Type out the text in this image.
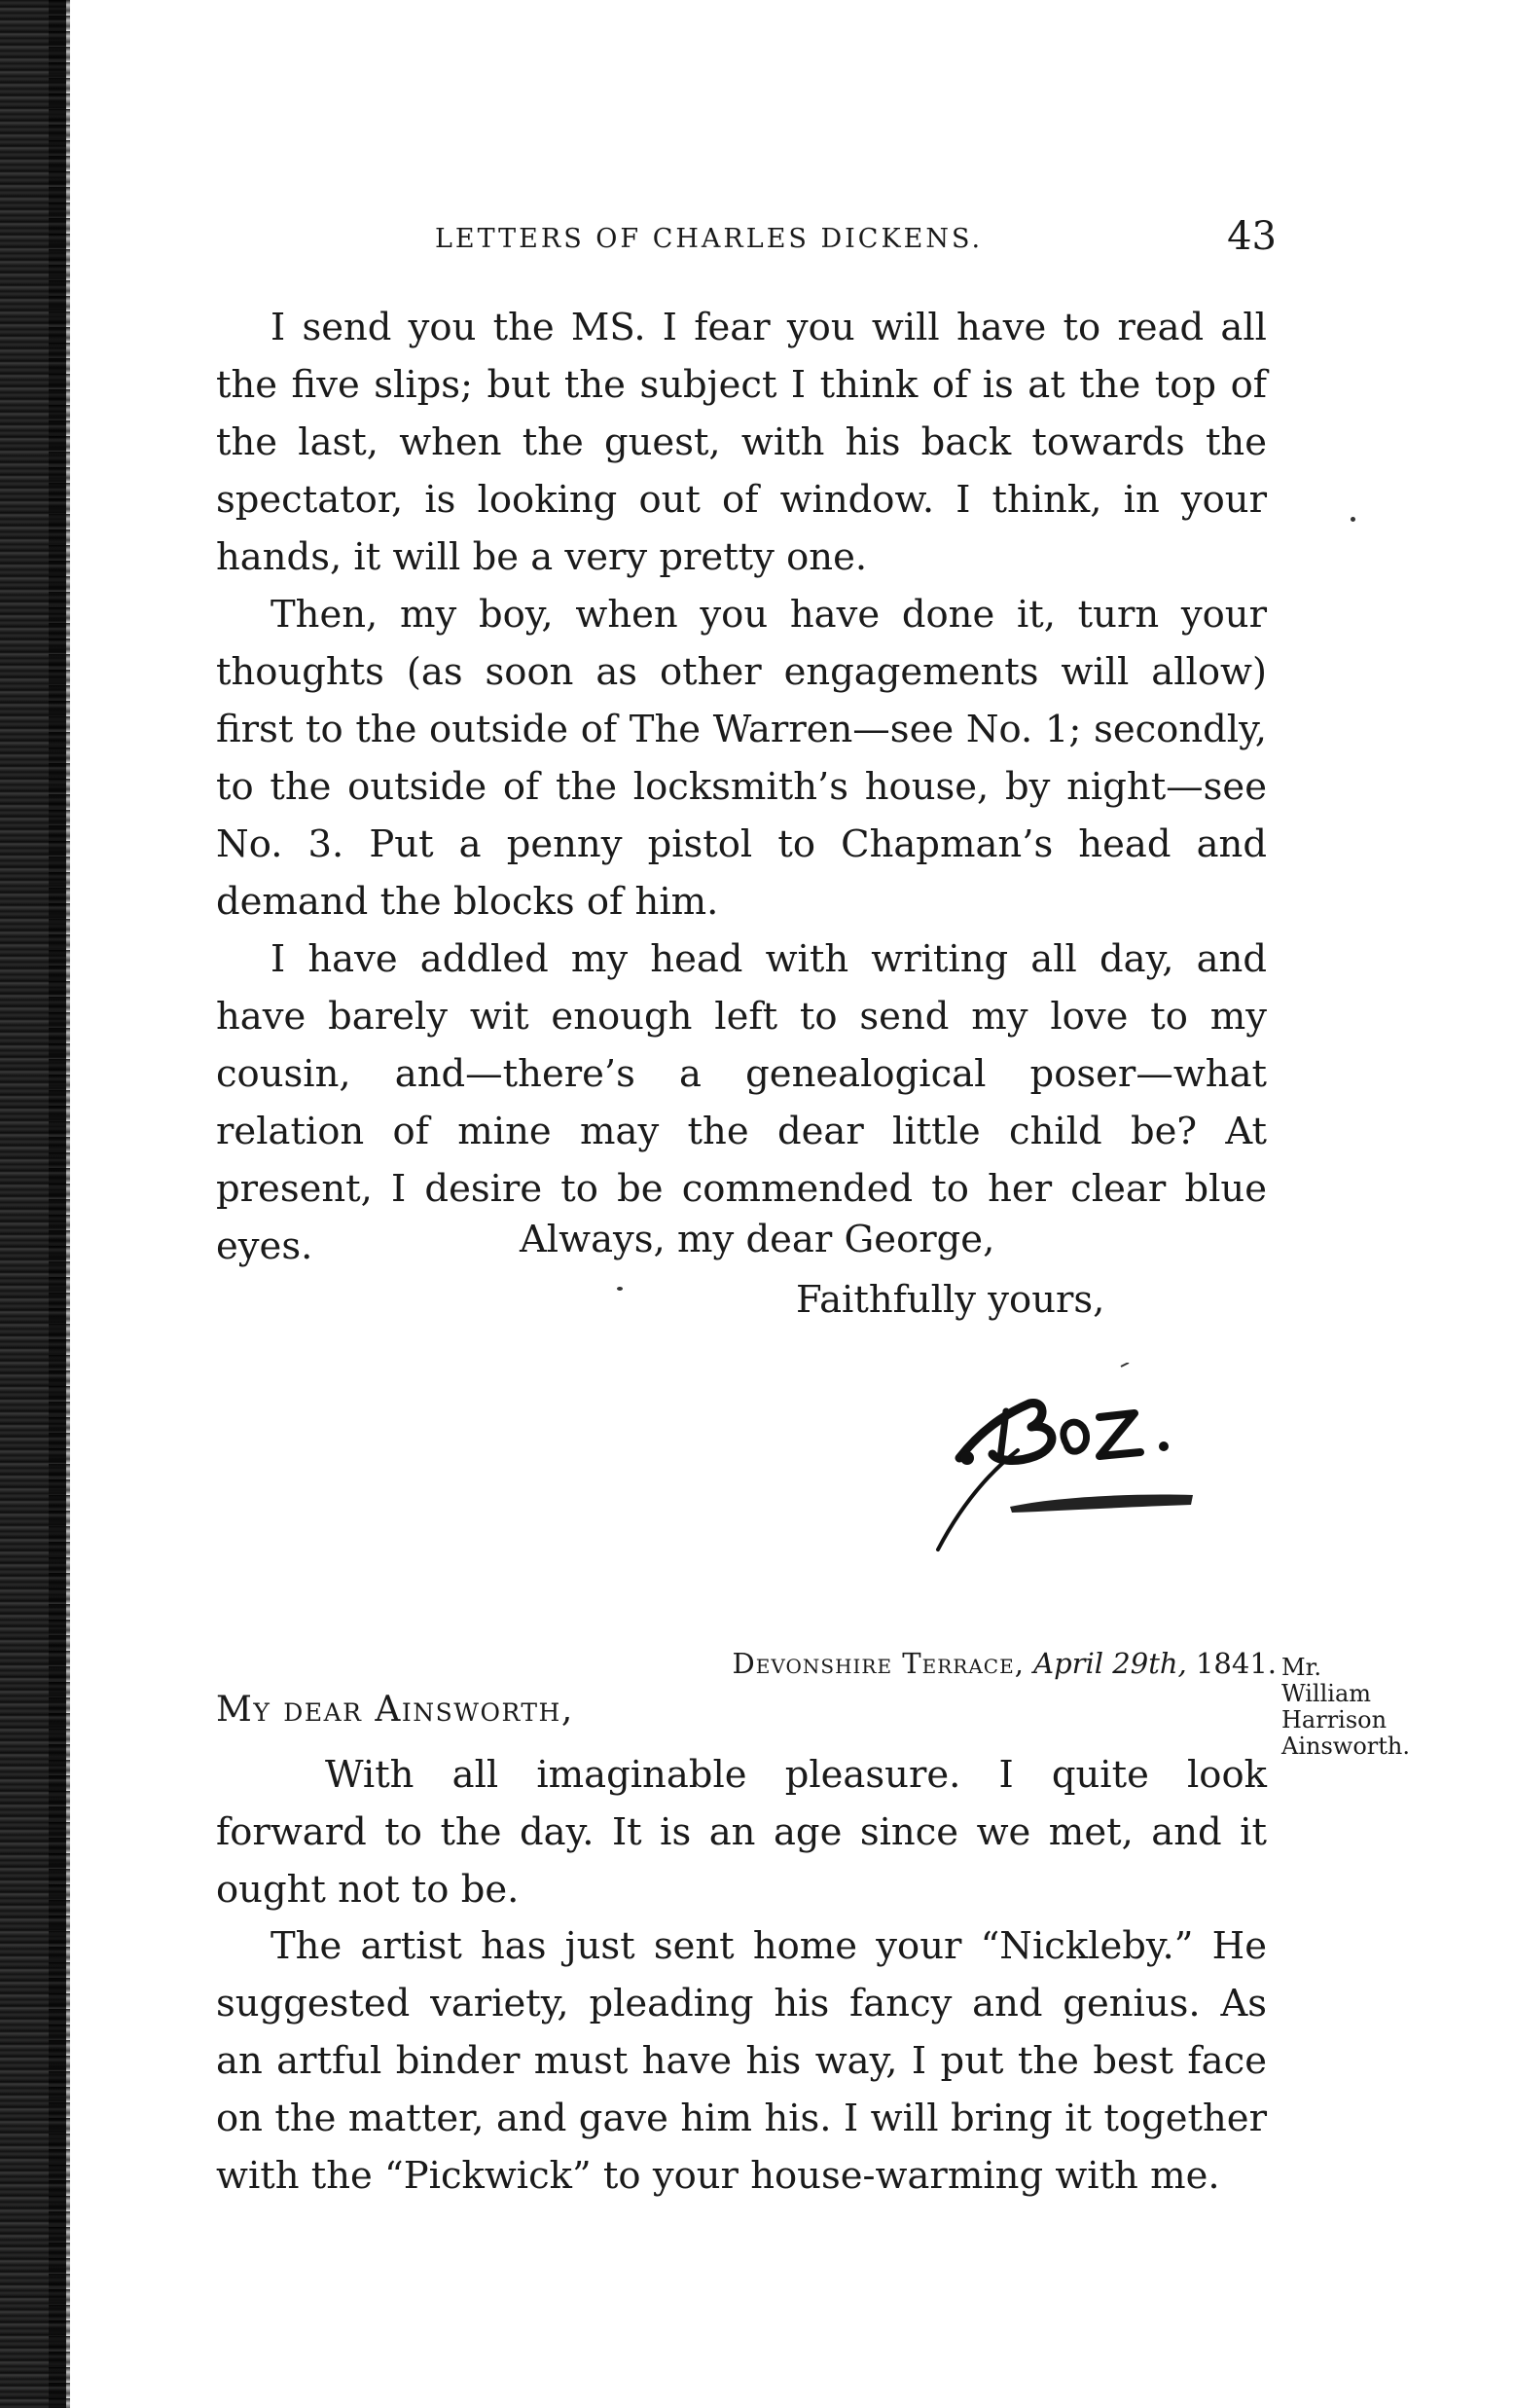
LETTERS OF CHARLES DICKENS.	43

I send you the MS. I fear you will have to read all the five slips; but the subject I think of is at the top of the last, when the guest, with his back towards the spectator, is looking out of window. I think, in your hands, it will be a very pretty one.

Then, my boy, when you have done it, turn your thoughts (as soon as other engagements will allow) first to the outside of The Warren—see No. 1; secondly, to the outside of the locksmith’s house, by night—see No. 3. Put a penny pistol to Chapman’s head and demand the blocks of him.

I have addled my head with writing all day, and have barely wit enough left to send my love to my cousin, and—there’s a genealogical poser—what relation of mine may the dear little child be? At present, I desire to be commended to her clear blue eyes.	Always, my dear George,
Faithfully yours,
Devonshire Terrace, April 29th, 1841.
My dear Ainsworth,

With all imaginable pleasure. I quite look forward to the day. It is an age since we met, and it ought not to be.

The artist has just sent home your “Nickleby.” He suggested variety, pleading his fancy and genius. As an artful binder must have his way, I put the best face on the matter, and gave him his. I will bring it together with the “Pickwick” to your house-warming with me.

Mr.
William
Harrison
Ainsworth.
